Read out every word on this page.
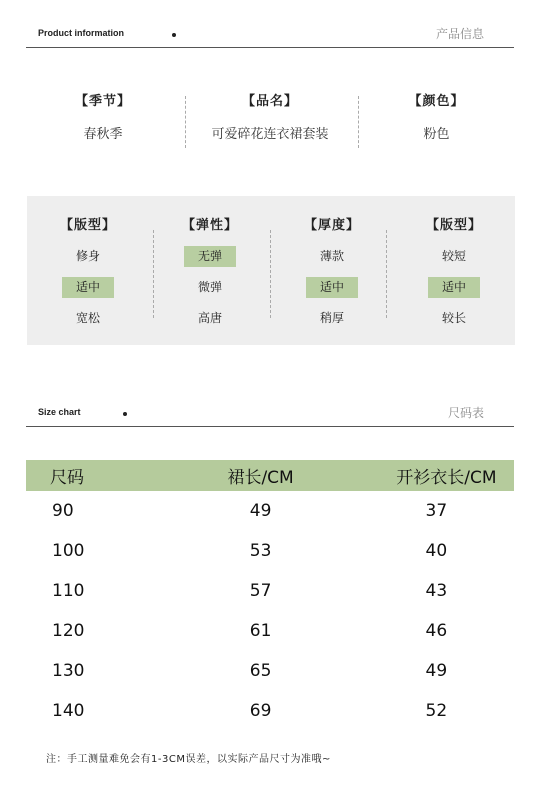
Product information	产品信息
【季节】
春秋季
【品名】
可爱碎花连衣裙套装
【颜色】
粉色
【版型】
修身
适中
宽松
【弹性】
无弹
微弹
高唐
【厚度】
薄款
适中
稍厚
【版型】
较短
适中
较长
Size chart	尺码表
尺码	裙长/CM	开衫衣长/CM
90	49	37
100	53	40
110	57	43
120	61	46
130	65	49
140	69	52
注：手工测量难免会有1-3CM误差，以实际产品尺寸为准哦~
